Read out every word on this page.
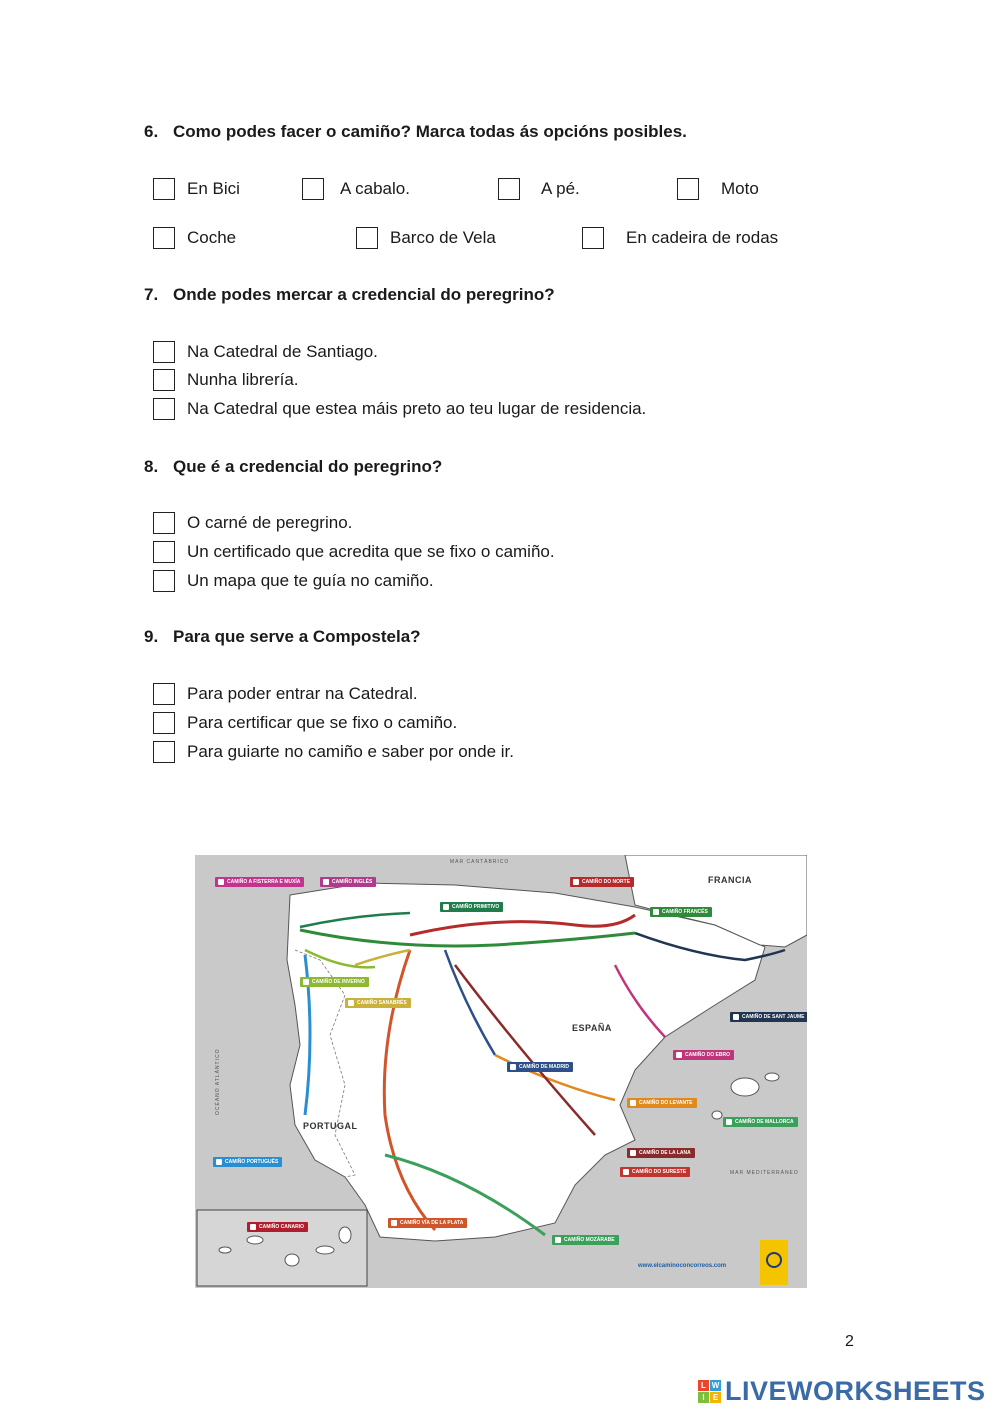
6. Como podes facer o camiño? Marca todas ás opcións posibles.
En Bici	A cabalo.	A pé.	Moto
Coche	Barco de Vela	En cadeira de rodas
7. Onde podes mercar a credencial do peregrino?
Na Catedral de Santiago.
Nunha librería.
Na Catedral que estea máis preto ao teu lugar de residencia.
8. Que é a credencial do peregrino?
O carné de peregrino.
Un certificado que acredita que se fixo o camiño.
Un mapa que te guía no camiño.
9. Para que serve a Compostela?
Para poder entrar na Catedral.
Para certificar que se fixo o camiño.
Para guiarte no camiño e saber por onde ir.
MAR CANTÁBRICO
OCÉANO ATLÁNTICO
MAR MEDITERRÁNEO
FRANCIA
ESPAÑA
PORTUGAL
CAMIÑO A FISTERRA E MUXÍA	CAMIÑO INGLÉS
CAMIÑO PRIMITIVO
CAMIÑO DO NORTE
CAMIÑO FRANCÉS
CAMIÑO DE INVERNO
CAMIÑO SANABRÉS
CAMIÑO DE SANT JAUME
CAMIÑO DO EBRO
CAMIÑO DE MADRID
CAMIÑO DO LEVANTE
CAMIÑO DE MALLORCA
CAMIÑO PORTUGUÉS
CAMIÑO DE LA LANA
CAMIÑO DO SURESTE
CAMIÑO CANARIO
CAMIÑO VÍA DE LA PLATA
CAMIÑO MOZÁRABE
www.elcaminoconcorreos.com
2
L W
I	E LIVEWORKSHEETS
